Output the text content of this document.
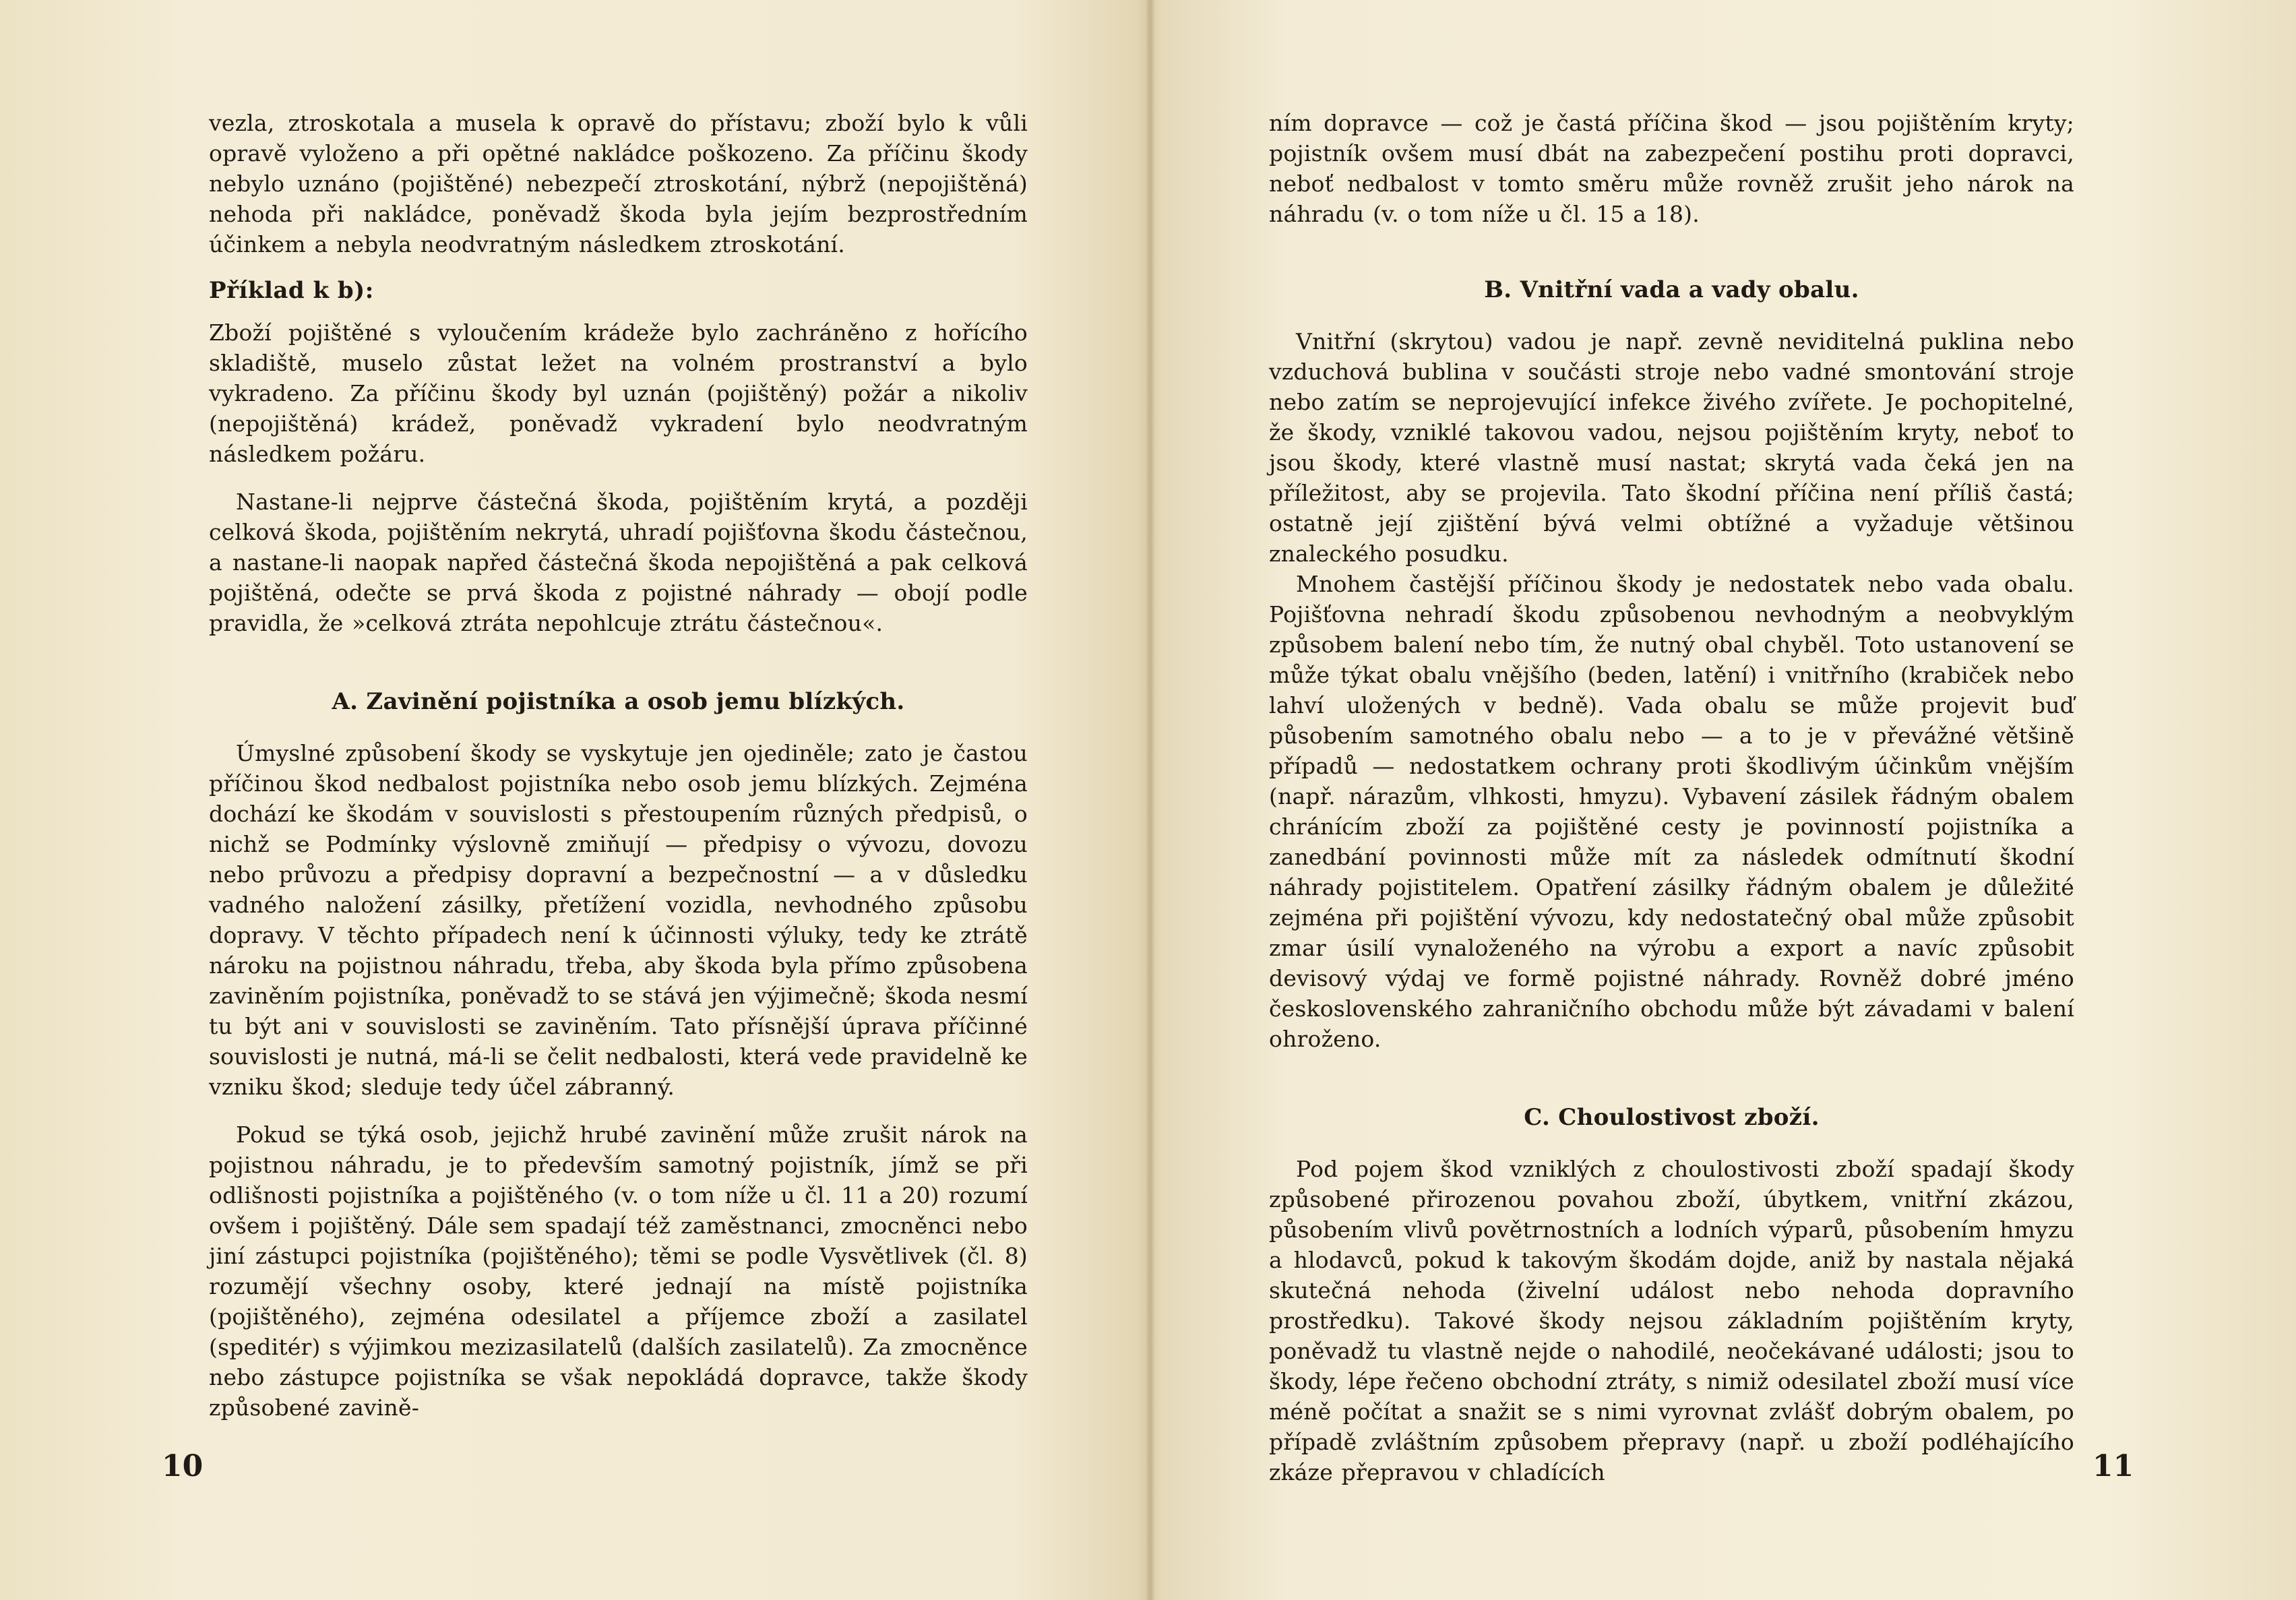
vezla, ztroskotala a musela k opravě do přístavu; zboží bylo k vůli opravě vyloženo a při opětné nakládce poškozeno. Za příčinu škody nebylo uznáno (pojištěné) nebezpečí ztroskotání, nýbrž (nepojištěná) nehoda při nakládce, poněvadž škoda byla jejím bezprostředním účinkem a nebyla neodvratným následkem ztroskotání.

Příklad k b):

Zboží pojištěné s vyloučením krádeže bylo zachráněno z hořícího skladiště, muselo zůstat ležet na volném prostranství a bylo vykradeno. Za příčinu škody byl uznán (pojištěný) požár a nikoliv (nepojištěná) krádež, poněvadž vykradení bylo neodvratným následkem požáru.

Nastane-li nejprve částečná škoda, pojištěním krytá, a později celková škoda, pojištěním nekrytá, uhradí pojišťovna škodu částečnou, a nastane-li naopak napřed částečná škoda nepojištěná a pak celková pojištěná, odečte se prvá škoda z pojistné náhrady — obojí podle pravidla, že »celková ztráta nepohlcuje ztrátu částečnou«.

A. Zavinění pojistníka a osob jemu blízkých.

Úmyslné způsobení škody se vyskytuje jen ojediněle; zato je častou příčinou škod nedbalost pojistníka nebo osob jemu blízkých. Zejména dochází ke škodám v souvislosti s přestoupením různých předpisů, o nichž se Podmínky výslovně zmiňují — předpisy o vývozu, dovozu nebo průvozu a předpisy dopravní a bezpečnostní — a v důsledku vadného naložení zásilky, přetížení vozidla, nevhodného způsobu dopravy. V těchto případech není k účinnosti výluky, tedy ke ztrátě nároku na pojistnou náhradu, třeba, aby škoda byla přímo způsobena zaviněním pojistníka, poněvadž to se stává jen výjimečně; škoda nesmí tu být ani v souvislosti se zaviněním. Tato přísnější úprava příčinné souvislosti je nutná, má-li se čelit nedbalosti, která vede pravidelně ke vzniku škod; sleduje tedy účel zábranný.

Pokud se týká osob, jejichž hrubé zavinění může zrušit nárok na pojistnou náhradu, je to především samotný pojistník, jímž se při odlišnosti pojistníka a pojištěného (v. o tom níže u čl. 11 a 20) rozumí ovšem i pojištěný. Dále sem spadají též zaměstnanci, zmocněnci nebo jiní zástupci pojistníka (pojištěného); těmi se podle Vysvětlivek (čl. 8) rozumějí všechny osoby, které jednají na místě pojistníka (pojištěného), zejména odesilatel a příjemce zboží a zasilatel (speditér) s výjimkou mezizasilatelů (dalších zasilatelů). Za zmocněnce nebo zástupce pojistníka se však nepokládá dopravce, takže škody způsobené zavině-

10

ním dopravce — což je častá příčina škod — jsou pojištěním kryty; pojistník ovšem musí dbát na zabezpečení postihu proti dopravci, neboť nedbalost v tomto směru může rovněž zrušit jeho nárok na náhradu (v. o tom níže u čl. 15 a 18).

B. Vnitřní vada a vady obalu.

Vnitřní (skrytou) vadou je např. zevně neviditelná puklina nebo vzduchová bublina v součásti stroje nebo vadné smontování stroje nebo zatím se neprojevující infekce živého zvířete. Je pochopitelné, že škody, vzniklé takovou vadou, nejsou pojištěním kryty, neboť to jsou škody, které vlastně musí nastat; skrytá vada čeká jen na příležitost, aby se projevila. Tato škodní příčina není příliš častá; ostatně její zjištění bývá velmi obtížné a vyžaduje většinou znaleckého posudku.

Mnohem častější příčinou škody je nedostatek nebo vada obalu. Pojišťovna nehradí škodu způsobenou nevhodným a neobvyklým způsobem balení nebo tím, že nutný obal chyběl. Toto ustanovení se může týkat obalu vnějšího (beden, latění) i vnitřního (krabiček nebo lahví uložených v bedně). Vada obalu se může projevit buď působením samotného obalu nebo — a to je v převážné většině případů — nedostatkem ochrany proti škodlivým účinkům vnějším (např. nárazům, vlhkosti, hmyzu). Vybavení zásilek řádným obalem chránícím zboží za pojištěné cesty je povinností pojistníka a zanedbání povinnosti může mít za následek odmítnutí škodní náhrady pojistitelem. Opatření zásilky řádným obalem je důležité zejména při pojištění vývozu, kdy nedostatečný obal může způsobit zmar úsilí vynaloženého na výrobu a export a navíc způsobit devisový výdaj ve formě pojistné náhrady. Rovněž dobré jméno československého zahraničního obchodu může být závadami v balení ohroženo.

C. Choulostivost zboží.

Pod pojem škod vzniklých z choulostivosti zboží spadají škody způsobené přirozenou povahou zboží, úbytkem, vnitřní zkázou, působením vlivů povětrnostních a lodních výparů, působením hmyzu a hlodavců, pokud k takovým škodám dojde, aniž by nastala nějaká skutečná nehoda (živelní událost nebo nehoda dopravního prostředku). Takové škody nejsou základním pojištěním kryty, poněvadž tu vlastně nejde o nahodilé, neočekávané události; jsou to škody, lépe řečeno obchodní ztráty, s nimiž odesilatel zboží musí více méně počítat a snažit se s nimi vyrovnat zvlášť dobrým obalem, po případě zvláštním způsobem přepravy (např. u zboží podléhajícího zkáze přepravou v chladících	11
